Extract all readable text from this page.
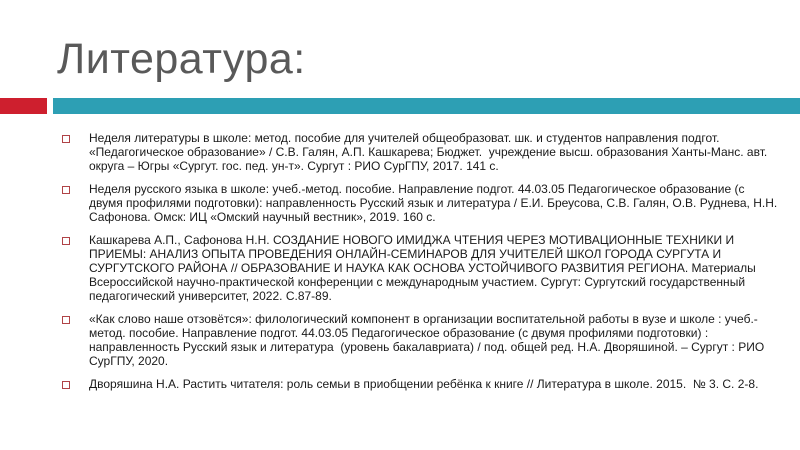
Литература:
Неделя литературы в школе: метод. пособие для учителей общеобразоват. шк. и студентов направления подгот. «Педагогическое образование» / С.В. Галян, А.П. Кашкарева; Бюджет.  учреждение высш. образования Ханты-Манс. авт. округа – Югры «Сургут. гос. пед. ун-т». Сургут : РИО СурГПУ, 2017. 141 с.
Неделя русского языка в школе: учеб.-метод. пособие. Направление подгот. 44.03.05 Педагогическое образование (с двумя профилями подготовки): направленность Русский язык и литература / Е.И. Бреусова, С.В. Галян, О.В. Руднева, Н.Н. Сафонова. Омск: ИЦ «Омский научный вестник», 2019. 160 с.
Кашкарева А.П., Сафонова Н.Н. СОЗДАНИЕ НОВОГО ИМИДЖА ЧТЕНИЯ ЧЕРЕЗ МОТИВАЦИОННЫЕ ТЕХНИКИ И ПРИЕМЫ: АНАЛИЗ ОПЫТА ПРОВЕДЕНИЯ ОНЛАЙН-СЕМИНАРОВ ДЛЯ УЧИТЕЛЕЙ ШКОЛ ГОРОДА СУРГУТА И СУРГУТСКОГО РАЙОНА // ОБРАЗОВАНИЕ И НАУКА КАК ОСНОВА УСТОЙЧИВОГО РАЗВИТИЯ РЕГИОНА. Материалы Всероссийской научно-практической конференции с международным участием. Сургут: Сургутский государственный педагогический университет, 2022. С.87-89.
«Как слово наше отзовётся»: филологический компонент в организации воспитательной работы в вузе и школе : учеб.-метод. пособие. Направление подгот. 44.03.05 Педагогическое образование (с двумя профилями подготовки) : направленность Русский язык и литература  (уровень бакалавриата) / под. общей ред. Н.А. Дворяшиной. – Сургут : РИО СурГПУ, 2020.
Дворяшина Н.А. Растить читателя: роль семьи в приобщении ребёнка к книге // Литература в школе. 2015.  № 3. С. 2-8.
